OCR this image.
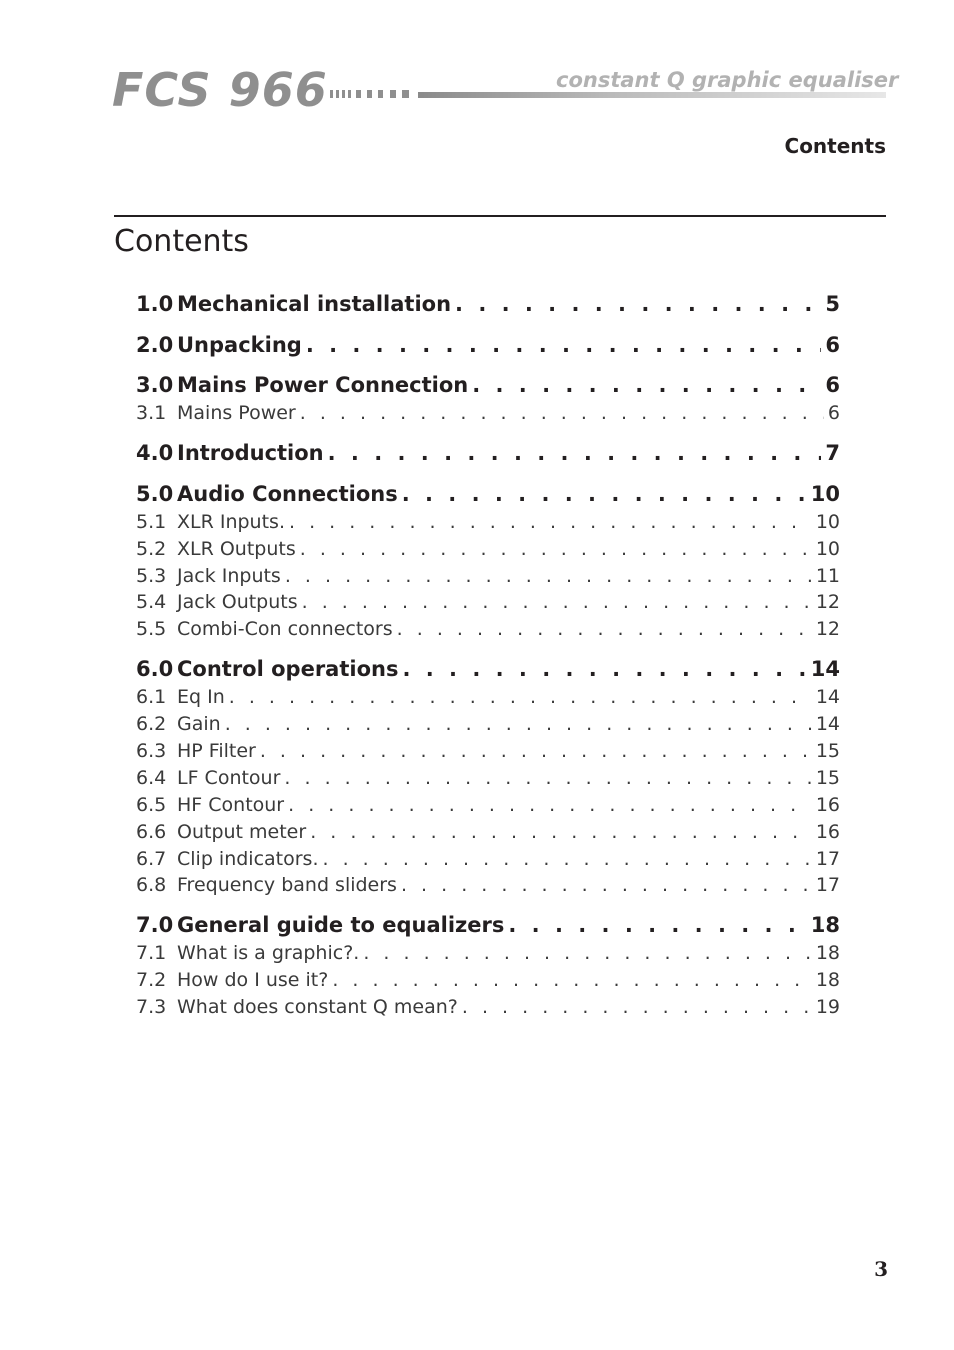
FCS 966	constant Q graphic equaliser
Contents
Contents
1.0 Mechanical installation . . .	5
2.0 Unpacking . . .	6
3.0 Mains Power Connection . . .	6
3.1 Mains Power . . .	6
4.0 Introduction . . .	7
5.0 Audio Connections . . .	10
5.1 XLR Inputs. . . .	10
5.2 XLR Outputs . . .	10
5.3 Jack Inputs . . .	11
5.4 Jack Outputs . . .	12
5.5 Combi-Con connectors . . .	12
6.0 Control operations . . .	14
6.1 Eq In . . .	14
6.2 Gain . . .	14
6.3 HP Filter . . .	15
6.4 LF Contour . . .	15
6.5 HF Contour . . .	16
6.6 Output meter . . .	16
6.7 Clip indicators. . . .	17
6.8 Frequency band sliders . . .	17
7.0 General guide to equalizers . . .	18
7.1 What is a graphic?. . . .	18
7.2 How do I use it? . . .	18
7.3 What does constant Q mean? . . .	19
3
